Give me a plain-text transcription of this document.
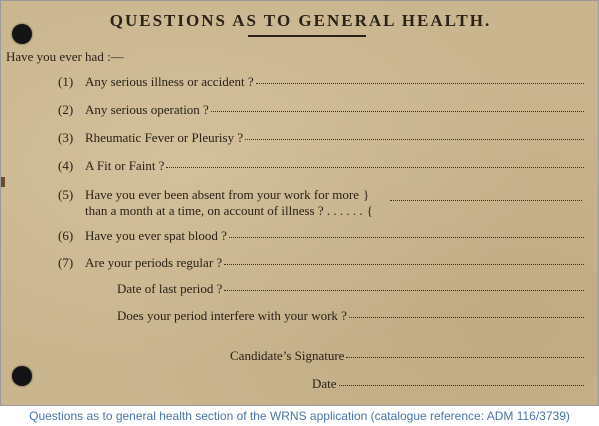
QUESTIONS AS TO GENERAL HEALTH.
Have you ever had :—
(1) Any serious illness or accident ?
(2) Any serious operation ?
(3) Rheumatic Fever or Pleurisy ?
(4) A Fit or Faint ?
(5) Have you ever been absent from your work for more }
than a month at a time, on account of illness ? . . . . . . {
(6) Have you ever spat blood ?
(7) Are your periods regular ?
Date of last period ?
Does your period interfere with your work ?
Candidate’s Signature
Date
Questions as to general health section of the WRNS application (catalogue reference: ADM 116/3739)
